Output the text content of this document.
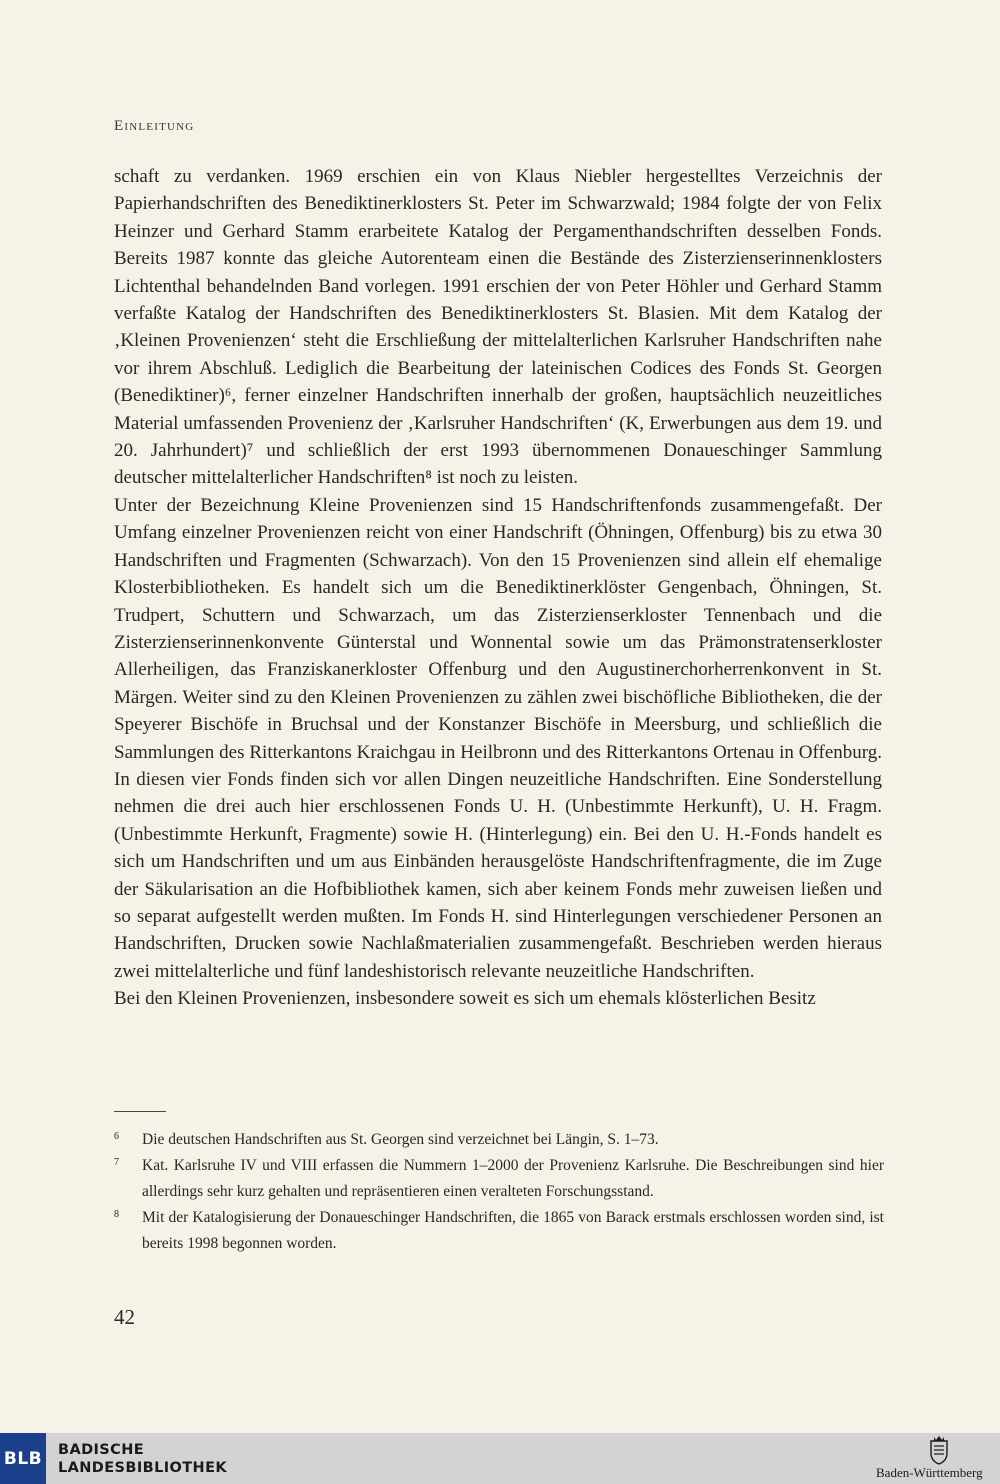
Einleitung

schaft zu verdanken. 1969 erschien ein von Klaus Niebler hergestelltes Verzeichnis der Papierhandschriften des Benediktinerklosters St. Peter im Schwarzwald; 1984 folgte der von Felix Heinzer und Gerhard Stamm erarbeitete Katalog der Pergamenthandschriften desselben Fonds. Bereits 1987 konnte das gleiche Autorenteam einen die Bestände des Zisterzienserinnenklosters Lichtenthal behandelnden Band vorlegen. 1991 erschien der von Peter Höhler und Gerhard Stamm verfaßte Katalog der Handschriften des Benediktinerklosters St. Blasien. Mit dem Katalog der ‚Kleinen Provenienzen‘ steht die Erschließung der mittelalterlichen Karlsruher Handschriften nahe vor ihrem Abschluß. Lediglich die Bearbeitung der lateinischen Codices des Fonds St. Georgen (Benediktiner)⁶, ferner einzelner Handschriften innerhalb der großen, hauptsächlich neuzeitliches Material umfassenden Provenienz der ‚Karlsruher Handschriften‘ (K, Erwerbungen aus dem 19. und 20. Jahrhundert)⁷ und schließlich der erst 1993 übernommenen Donaueschinger Sammlung deutscher mittelalterlicher Handschriften⁸ ist noch zu leisten.

Unter der Bezeichnung Kleine Provenienzen sind 15 Handschriftenfonds zusammengefaßt. Der Umfang einzelner Provenienzen reicht von einer Handschrift (Öhningen, Offenburg) bis zu etwa 30 Handschriften und Fragmenten (Schwarzach). Von den 15 Provenienzen sind allein elf ehemalige Klosterbibliotheken. Es handelt sich um die Benediktinerklöster Gengenbach, Öhningen, St. Trudpert, Schuttern und Schwarzach, um das Zisterzienserkloster Tennenbach und die Zisterzienserinnenkonvente Günterstal und Wonnental sowie um das Prämonstratenserkloster Allerheiligen, das Franziskanerkloster Offenburg und den Augustinerchorherrenkonvent in St. Märgen. Weiter sind zu den Kleinen Provenienzen zu zählen zwei bischöfliche Bibliotheken, die der Speyerer Bischöfe in Bruchsal und der Konstanzer Bischöfe in Meersburg, und schließlich die Sammlungen des Ritterkantons Kraichgau in Heilbronn und des Ritterkantons Ortenau in Offenburg. In diesen vier Fonds finden sich vor allen Dingen neuzeitliche Handschriften. Eine Sonderstellung nehmen die drei auch hier erschlossenen Fonds U. H. (Unbestimmte Herkunft), U. H. Fragm. (Unbestimmte Herkunft, Fragmente) sowie H. (Hinterlegung) ein. Bei den U. H.-Fonds handelt es sich um Handschriften und um aus Einbänden herausgelöste Handschriftenfragmente, die im Zuge der Säkularisation an die Hofbibliothek kamen, sich aber keinem Fonds mehr zuweisen ließen und so separat aufgestellt werden mußten. Im Fonds H. sind Hinterlegungen verschiedener Personen an Handschriften, Drucken sowie Nachlaßmaterialien zusammengefaßt. Beschrieben werden hieraus zwei mittelalterliche und fünf landeshistorisch relevante neuzeitliche Handschriften.

Bei den Kleinen Provenienzen, insbesondere soweit es sich um ehemals klösterlichen Besitz

6	Die deutschen Handschriften aus St. Georgen sind verzeichnet bei Längin, S. 1–73.
7	Kat. Karlsruhe IV und VIII erfassen die Nummern 1–2000 der Provenienz Karlsruhe. Die Beschreibungen sind hier allerdings sehr kurz gehalten und repräsentieren einen veralteten Forschungsstand.
8	Mit der Katalogisierung der Donaueschinger Handschriften, die 1865 von Barack erstmals erschlossen worden sind, ist bereits 1998 begonnen worden.
42
BLB BADISCHE
LANDESBIBLIOTHEK	Baden-Württemberg
